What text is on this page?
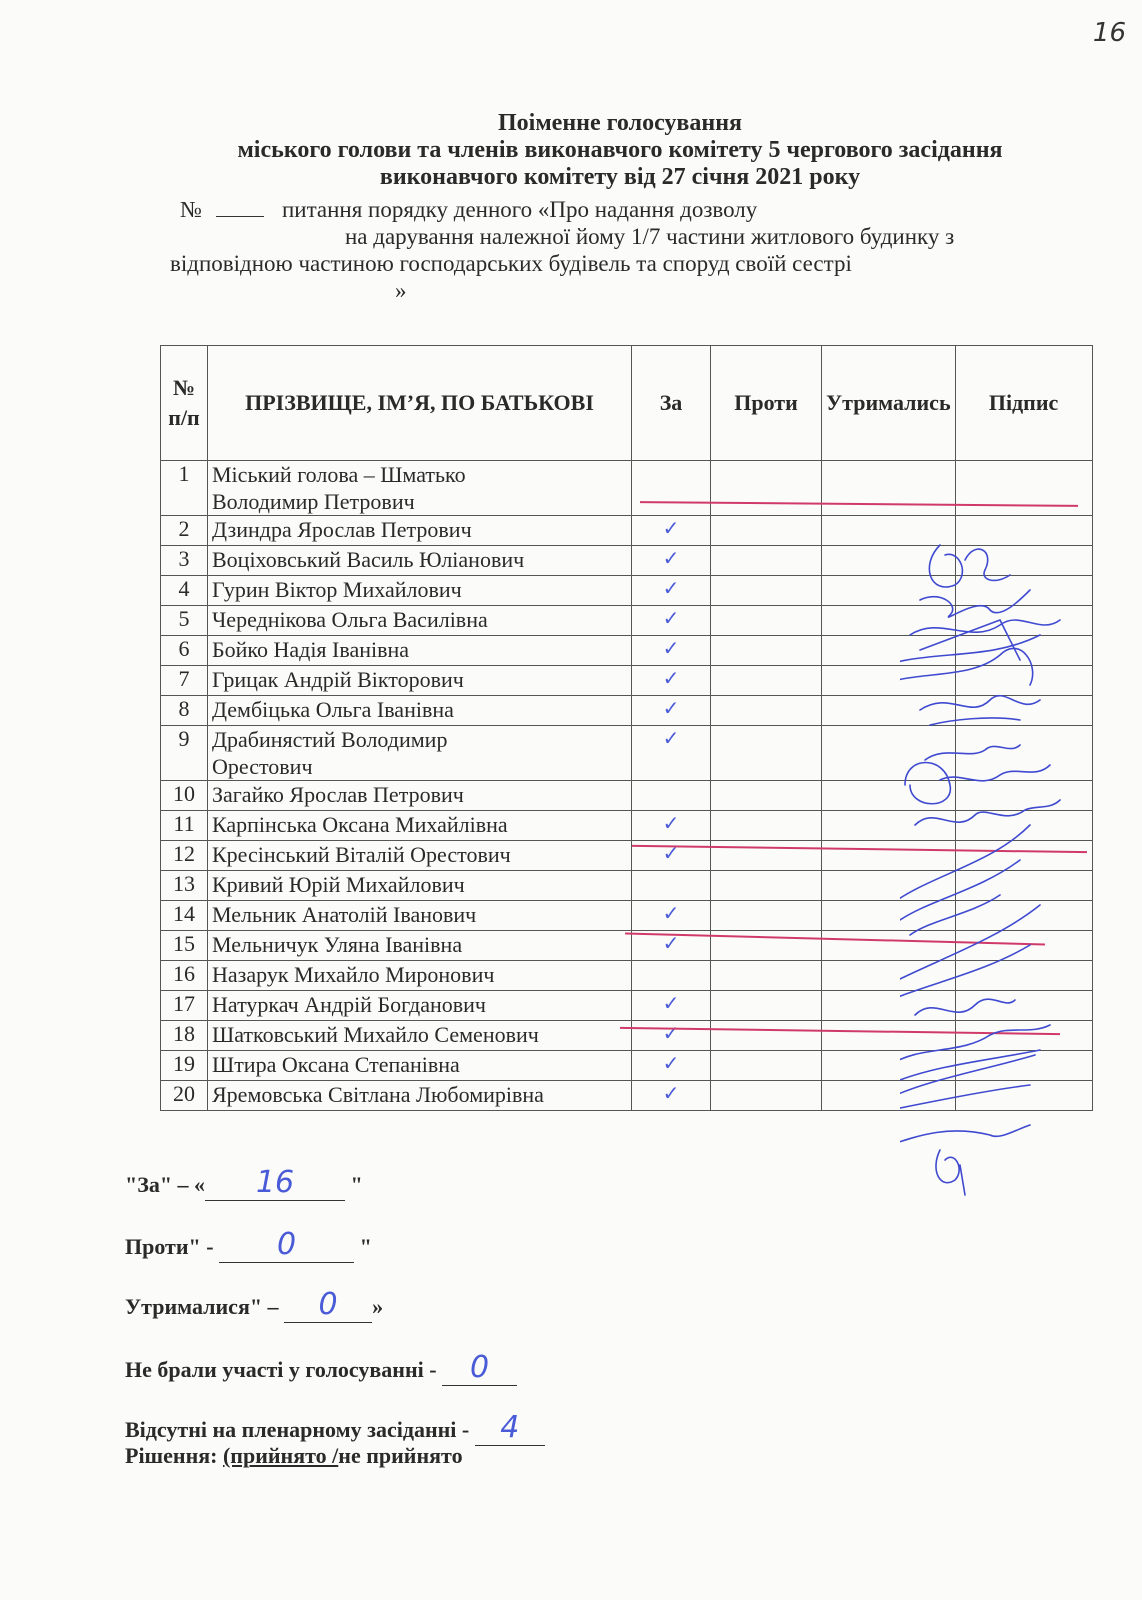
16
Поіменне голосування
міського голови та членів виконавчого комітету 5 чергового засідання
виконавчого комітету від 27 січня 2021 року
№	питання порядку денного «Про надання дозволу
на дарування належної йому 1/7 частини житлового будинку з
відповідною частиною господарських будівель та споруд своїй сестрі
»
№ п/п	ПРІЗВИЩЕ, ІМ’Я, ПО БАТЬКОВІ	За	Проти	Утримались	Підпис
1	Міський голова – Шматько
Володимир Петрович				

2	Дзиндра Ярослав Петрович	✓			
3	Воціховський Василь Юліанович	✓			
4	Гурин Віктор Михайлович	✓			
5	Череднікова Ольга Василівна	✓			
6	Бойко Надія Іванівна	✓			
7	Грицак Андрій Вікторович	✓			
8	Дембіцька Ольга Іванівна	✓			
9	Драбинястий Володимир
Орестович	✓			
10	Загайко Ярослав Петрович				

11	Карпінська Оксана Михайлівна	✓			
12	Кресінський Віталій Орестович	✓			
13	Кривий Юрій Михайлович				

14	Мельник Анатолій Іванович	✓			
15	Мельничук Уляна Іванівна	✓			
16	Назарук Михайло Миронович				

17	Натуркач Андрій Богданович	✓			
18	Шатковський Михайло Семенович	✓			
19	Штира Оксана Степанівна	✓			
20	Яремовська Світлана Любомирівна	✓			
"За" – « 16	"
Проти" - 0	"
Утрималися" – 0 »
Не брали участі у голосуванні - 0
Відсутні на пленарному засіданні - 4
Рішення: (прийнято /не прийнято
